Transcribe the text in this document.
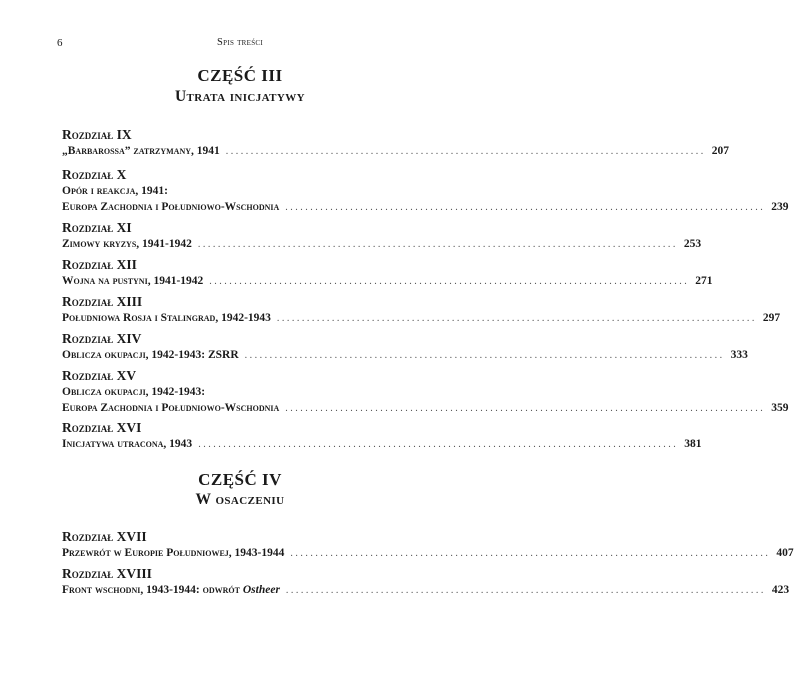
6	Spis treści
CZĘŚĆ III
Utrata inicjatywy
Rozdział IX
„Barbarossa” zatrzymany, 1941 ................................................................................................ 207
Rozdział X
Opór i reakcja, 1941:
Europa Zachodnia i Południowo-Wschodnia ................................................................................................ 239
Rozdział XI
Zimowy kryzys, 1941-1942 ................................................................................................ 253
Rozdział XII
Wojna na pustyni, 1941-1942 ................................................................................................ 271
Rozdział XIII
Południowa Rosja i Stalingrad, 1942-1943 ................................................................................................ 297
Rozdział XIV
Oblicza okupacji, 1942-1943: ZSRR ................................................................................................ 333
Rozdział XV
Oblicza okupacji, 1942-1943:
Europa Zachodnia i Południowo-Wschodnia ................................................................................................ 359
Rozdział XVI
Inicjatywa utracona, 1943 ................................................................................................ 381
CZĘŚĆ IV
W osaczeniu
Rozdział XVII
Przewrót w Europie Południowej, 1943-1944 ................................................................................................ 407
Rozdział XVIII
Front wschodni, 1943-1944: odwrót Ostheer ................................................................................................ 423
